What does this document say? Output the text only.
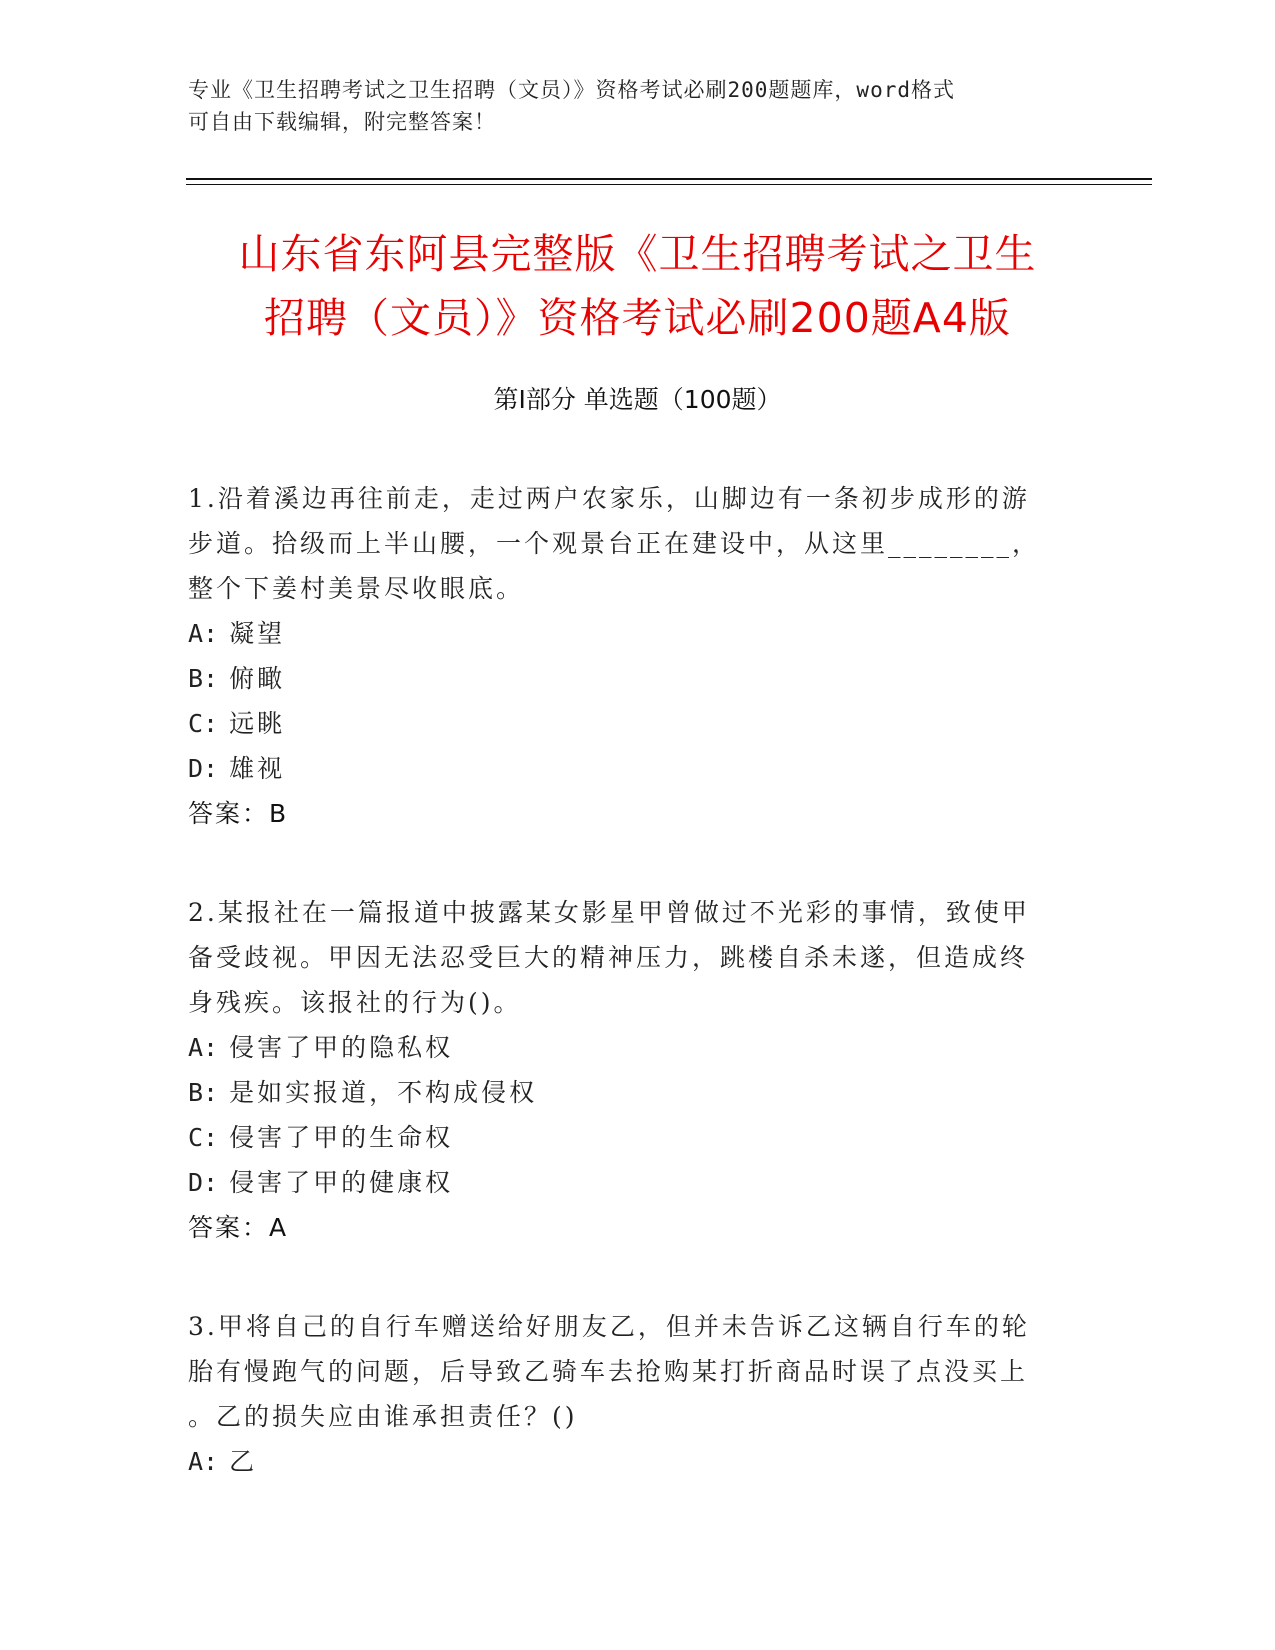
专业《卫生招聘考试之卫生招聘（文员）》资格考试必刷200题题库，word格式
可自由下载编辑，附完整答案！
山东省东阿县完整版《卫生招聘考试之卫生
招聘（文员）》资格考试必刷200题A4版
第Ⅰ部分 单选题（100题）
1.沿着溪边再往前走，走过两户农家乐，山脚边有一条初步成形的游
步道。拾级而上半山腰，一个观景台正在建设中，从这里________，
整个下姜村美景尽收眼底。
A: 凝望
B: 俯瞰
C: 远眺
D: 雄视
答案：B
2.某报社在一篇报道中披露某女影星甲曾做过不光彩的事情，致使甲
备受歧视。甲因无法忍受巨大的精神压力，跳楼自杀未遂，但造成终
身残疾。该报社的行为()。
A: 侵害了甲的隐私权
B: 是如实报道，不构成侵权
C: 侵害了甲的生命权
D: 侵害了甲的健康权
答案：A
3.甲将自己的自行车赠送给好朋友乙，但并未告诉乙这辆自行车的轮
胎有慢跑气的问题，后导致乙骑车去抢购某打折商品时误了点没买上
。乙的损失应由谁承担责任？()
A: 乙
